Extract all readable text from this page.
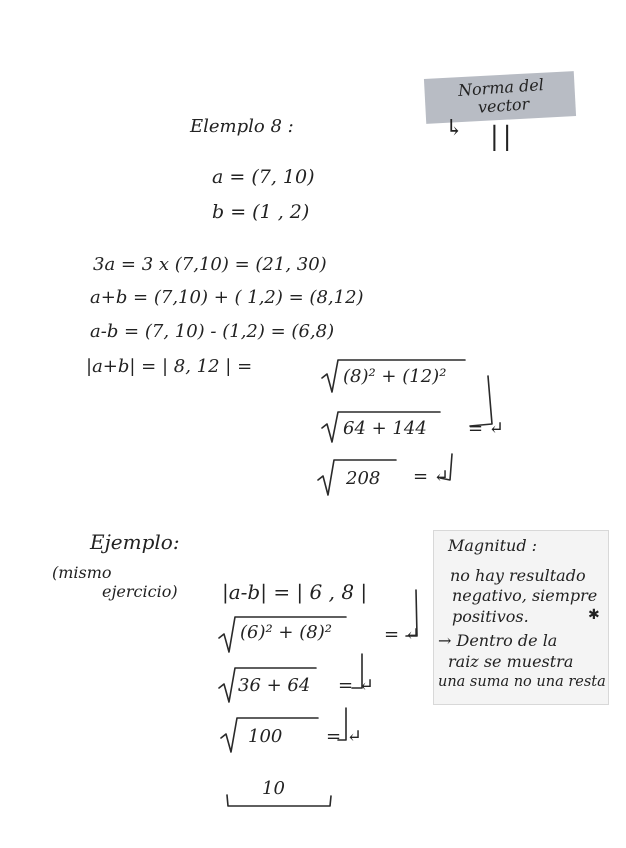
Norma del
vector
↳ ||
Elemplo 8 :
a = (7, 10)
b = (1 , 2)
3a = 3 x (7,10) = (21, 30)
a+b = (7,10) + ( 1,2) = (8,12)
a-b = (7, 10) - (1,2) = (6,8)
|a+b| = | 8, 12 | =	(8)² + (12)²
64 + 144 = ↵
208 = ↵
Ejemplo:
(mismo
ejercicio) |a-b| = | 6 , 8 |
(6)² + (8)²	= ↵
36 + 64 = ↵
100 = ↵
10
Magnitud :
no hay resultado
negativo, siempre
positivos.
→ Dentro de la
raiz se muestra
una suma no una resta
✱
